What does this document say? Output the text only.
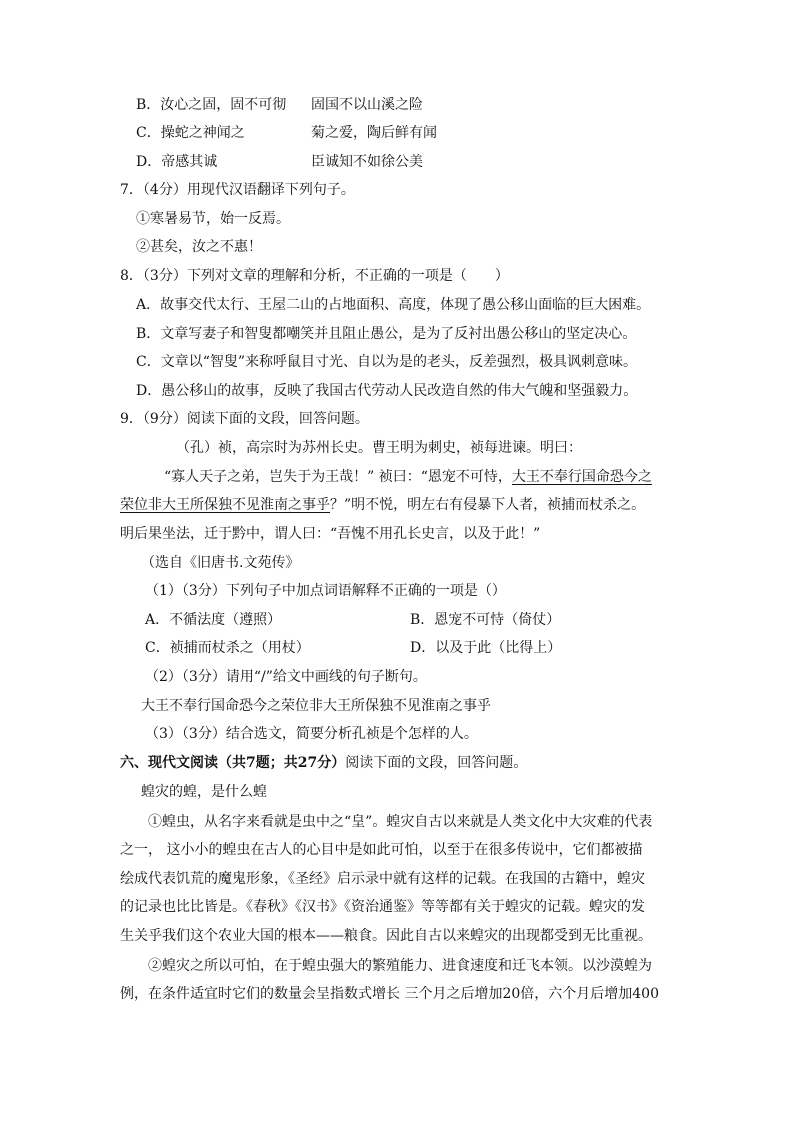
B．汝心之固，固不可彻 固国不以山溪之险
C．操蛇之神闻之	菊之爱，陶后鲜有闻
D．帝感其诚	臣诚知不如徐公美
7．（4分）用现代汉语翻译下列句子。
①寒暑易节，始一反焉。
②甚矣，汝之不惠！
8．（3分）下列对文章的理解和分析，不正确的一项是（　　）
A．故事交代太行、王屋二山的占地面积、高度，体现了愚公移山面临的巨大困难。
B．文章写妻子和智叟都嘲笑并且阻止愚公，是为了反衬出愚公移山的坚定决心。
C．文章以“智叟”来称呼鼠目寸光、自以为是的老头，反差强烈，极具讽刺意味。
D．愚公移山的故事，反映了我国古代劳动人民改造自然的伟大气魄和坚强毅力。
9．（9分）阅读下面的文段，回答问题。
（孔）祯，高宗时为苏州长史。曹王明为刺史，祯每进谏。明曰：
“寡人天子之弟，岂失于为王哉！” 祯曰：“恩宠不可恃，大王不奉行国命恐今之
荣位非大王所保独不见淮南之事乎？”明不悦，明左右有侵暴下人者，祯捕而杖杀之。
明后果坐法，迁于黔中，谓人曰：“吾愧不用孔长史言，以及于此！”
（选自《旧唐书.文苑传》
（1）（3分）下列句子中加点词语解释不正确的一项是（）
A．不循法度（遵照）	B．恩宠不可恃（倚仗）
C．祯捕而杖杀之（用杖）	D．以及于此（比得上）
（2）（3分）请用“/”给文中画线的句子断句。
大王不奉行国命恐今之荣位非大王所保独不见淮南之事乎
（3）（3分）结合选文，简要分析孔祯是个怎样的人。
六、现代文阅读（共7题；共27分）阅读下面的文段，回答问题。
蝗灾的蝗，是什么蝗
①蝗虫，从名字来看就是虫中之“皇”。蝗灾自古以来就是人类文化中大灾难的代表
之一， 这小小的蝗虫在古人的心目中是如此可怕，以至于在很多传说中，它们都被描
绘成代表饥荒的魔鬼形象，《圣经》启示录中就有这样的记载。在我国的古籍中，蝗灾
的记录也比比皆是。《春秋》《汉书》《资治通鉴》等等都有关于蝗灾的记载。蝗灾的发
生关乎我们这个农业大国的根本——粮食。因此自古以来蝗灾的出现都受到无比重视。
②蝗灾之所以可怕，在于蝗虫强大的繁殖能力、进食速度和迁飞本领。以沙漠蝗为
例，在条件适宜时它们的数量会呈指数式增长 三个月之后增加20倍，六个月后增加400
